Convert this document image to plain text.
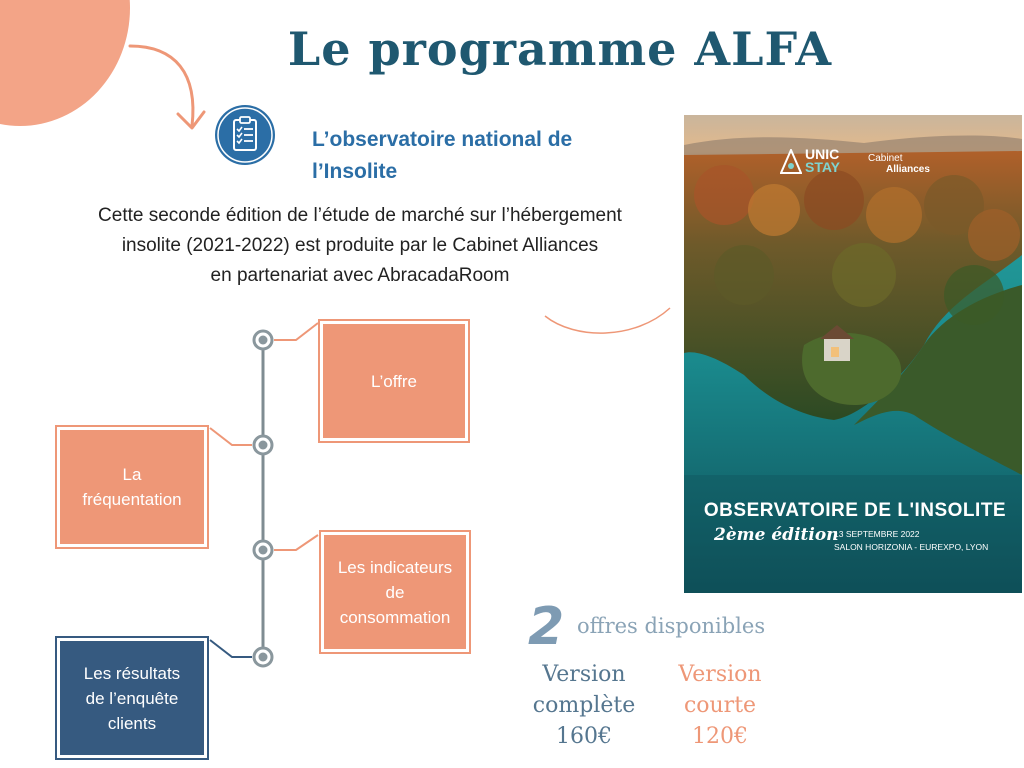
Le programme ALFA
L’observatoire national de
l’Insolite
Cette seconde édition de l’étude de marché sur l’hébergement
insolite (2021-2022) est produite par le Cabinet Alliances
en partenariat avec AbracadaRoom
L’offre
La
fréquentation
Les indicateurs
de
consommation
Les résultats
de l’enquête
clients
UNIC
STAY
Cabinet
Alliances
OBSERVATOIRE DE L'INSOLITE
2ème édition
13 SEPTEMBRE 2022
SALON HORIZONIA - EUREXPO, LYON
2 offres disponibles
Version
complète
160€
Version
courte
120€
